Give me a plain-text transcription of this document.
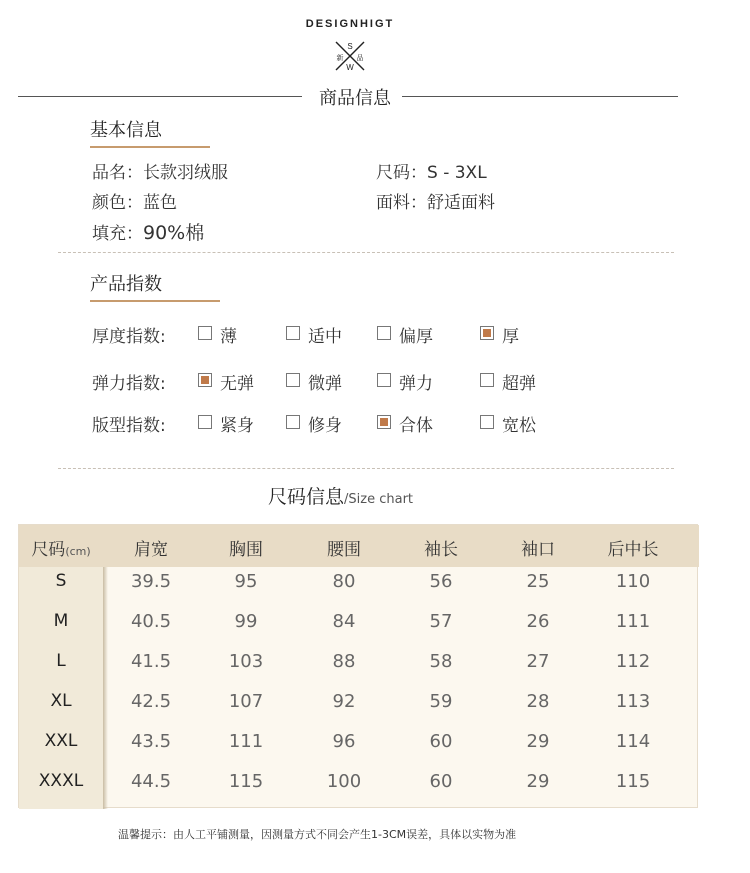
S
W
新 品
DESIGNHIGT
商品信息
基本信息
品名：长款羽绒服	尺码：S - 3XL
颜色：蓝色	面料：舒适面料
填充：90%棉
产品指数
厚度指数:	薄	适中	偏厚	厚
弹力指数:	无弹	微弹	弹力	超弹
版型指数:	紧身	修身	合体	宽松
尺码信息/Size chart
尺码(cm)	肩宽	胸围	腰围	袖长	袖口	后中长
S	39.5	95	80	56	25	110
M	40.5	99	84	57	26	111
L	41.5	103	88	58	27	112
XL	42.5	107	92	59	28	113
XXL	43.5	111	96	60	29	114
XXXL	44.5	115	100	60	29	115
温馨提示：由人工平铺测量，因测量方式不同会产生1-3CM误差，具体以实物为准
